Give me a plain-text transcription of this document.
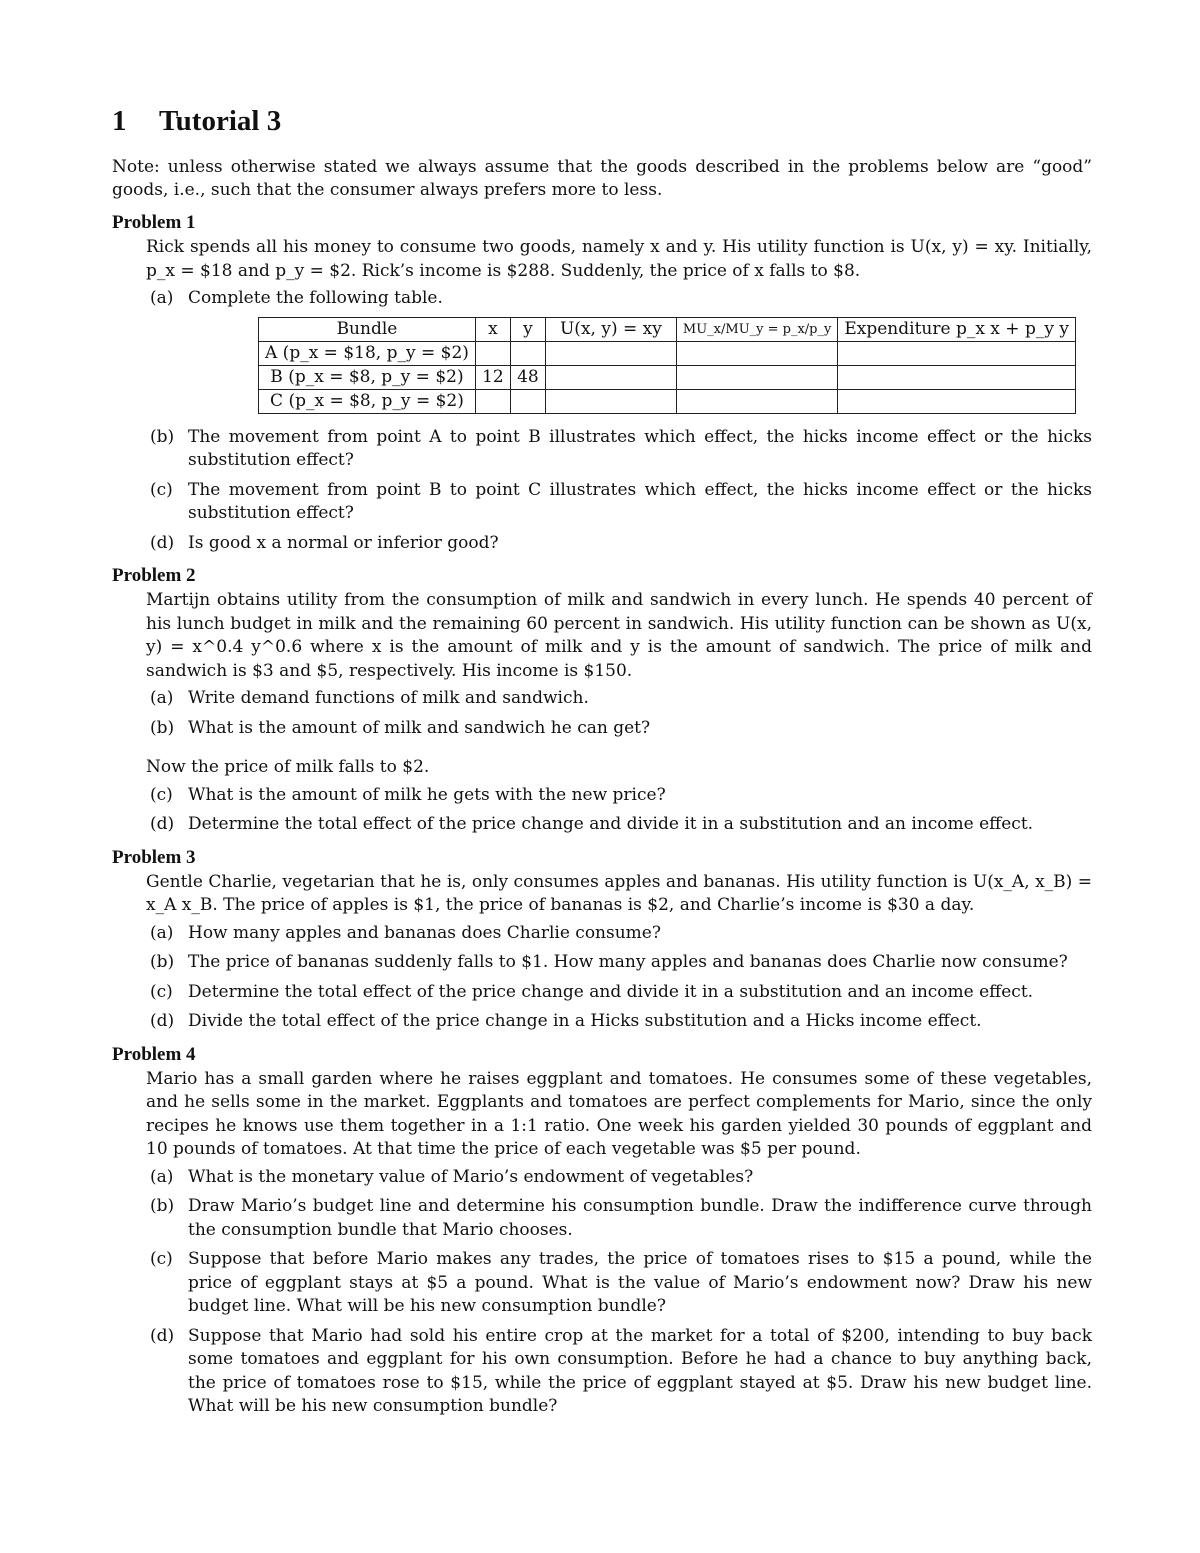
1 Tutorial 3
Note: unless otherwise stated we always assume that the goods described in the problems below are “good” goods, i.e., such that the consumer always prefers more to less.
Problem 1
Rick spends all his money to consume two goods, namely x and y. His utility function is U(x, y) = xy. Initially, p_x = $18 and p_y = $2. Rick’s income is $288. Suddenly, the price of x falls to $8.
(a) Complete the following table.
Bundle	x	y	U(x, y) = xy	MU_x/MU_y = p_x/p_y	Expenditure p_x x + p_y y
A (p_x = $18, p_y = $2)					
B (p_x = $8, p_y = $2)	12	48			
C (p_x = $8, p_y = $2)					
(b) The movement from point A to point B illustrates which effect, the hicks income effect or the hicks substitution effect?
(c) The movement from point B to point C illustrates which effect, the hicks income effect or the hicks substitution effect?
(d) Is good x a normal or inferior good?
Problem 2
Martijn obtains utility from the consumption of milk and sandwich in every lunch. He spends 40 percent of his lunch budget in milk and the remaining 60 percent in sandwich. His utility function can be shown as U(x, y) = x^0.4 y^0.6 where x is the amount of milk and y is the amount of sandwich. The price of milk and sandwich is $3 and $5, respectively. His income is $150.
(a) Write demand functions of milk and sandwich.
(b) What is the amount of milk and sandwich he can get?
Now the price of milk falls to $2.
(c) What is the amount of milk he gets with the new price?
(d) Determine the total effect of the price change and divide it in a substitution and an income effect.
Problem 3
Gentle Charlie, vegetarian that he is, only consumes apples and bananas. His utility function is U(x_A, x_B) = x_A x_B. The price of apples is $1, the price of bananas is $2, and Charlie’s income is $30 a day.
(a) How many apples and bananas does Charlie consume?
(b) The price of bananas suddenly falls to $1. How many apples and bananas does Charlie now consume?
(c) Determine the total effect of the price change and divide it in a substitution and an income effect.
(d) Divide the total effect of the price change in a Hicks substitution and a Hicks income effect.
Problem 4
Mario has a small garden where he raises eggplant and tomatoes. He consumes some of these vegetables, and he sells some in the market. Eggplants and tomatoes are perfect complements for Mario, since the only recipes he knows use them together in a 1:1 ratio. One week his garden yielded 30 pounds of eggplant and 10 pounds of tomatoes. At that time the price of each vegetable was $5 per pound.
(a) What is the monetary value of Mario’s endowment of vegetables?
(b) Draw Mario’s budget line and determine his consumption bundle. Draw the indifference curve through the consumption bundle that Mario chooses.
(c) Suppose that before Mario makes any trades, the price of tomatoes rises to $15 a pound, while the price of eggplant stays at $5 a pound. What is the value of Mario’s endowment now? Draw his new budget line. What will be his new consumption bundle?
(d) Suppose that Mario had sold his entire crop at the market for a total of $200, intending to buy back some tomatoes and eggplant for his own consumption. Before he had a chance to buy anything back, the price of tomatoes rose to $15, while the price of eggplant stayed at $5. Draw his new budget line. What will be his new consumption bundle?
